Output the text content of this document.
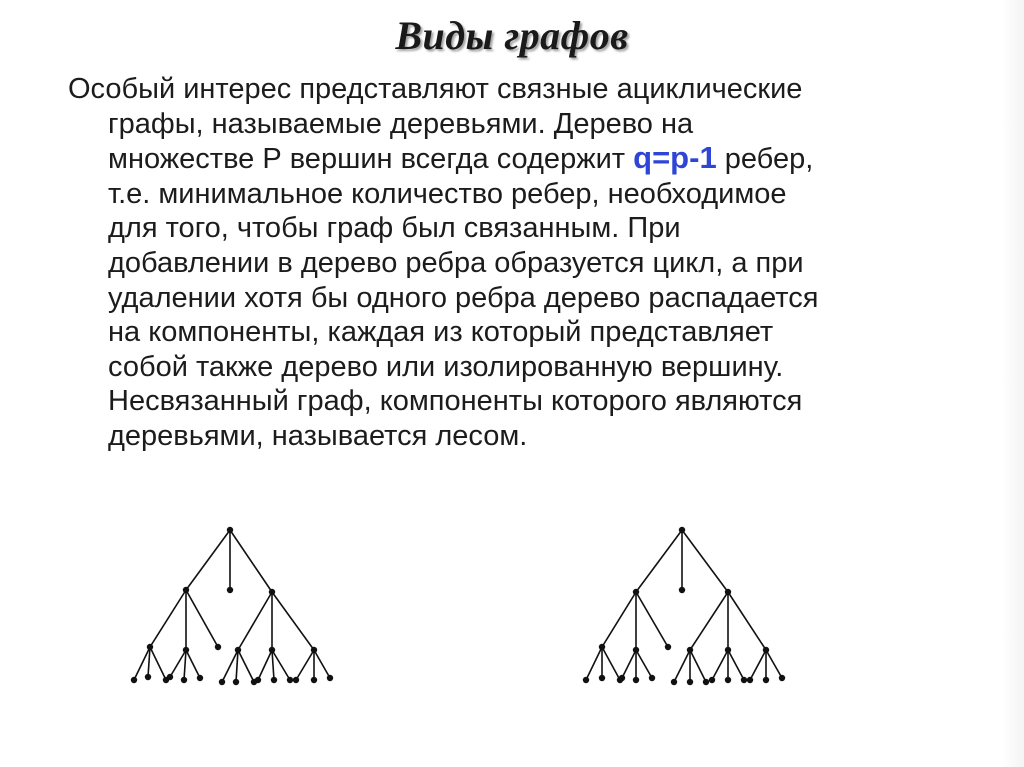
Виды графов
Особый интерес представляют связные ациклические
графы, называемые деревьями. Дерево на
множестве Р вершин всегда содержит q=p-1 ребер,
т.е. минимальное количество ребер, необходимое
для того, чтобы граф был связанным. При
добавлении в дерево ребра образуется цикл, а при
удалении хотя бы одного ребра дерево распадается
на компоненты, каждая из который представляет
собой также дерево или изолированную вершину.
Несвязанный граф, компоненты которого являются
деревьями, называется лесом.
